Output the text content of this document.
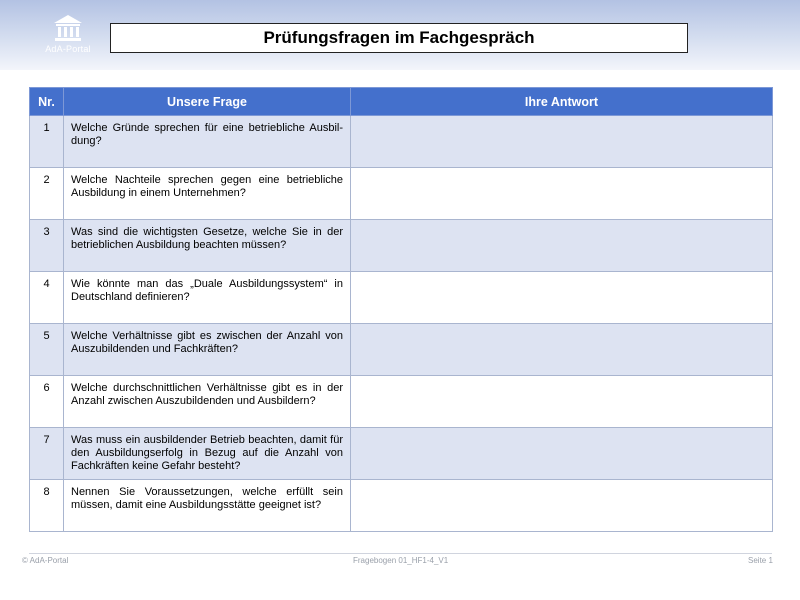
AdA-Portal
Prüfungsfragen im Fachgespräch
Nr.	Unsere Frage	Ihre Antwort
1	Welche Gründe sprechen für eine betriebliche Ausbil-dung?	
2	Welche Nachteile sprechen gegen eine betriebliche Ausbildung in einem Unternehmen?	
3	Was sind die wichtigsten Gesetze, welche Sie in der betrieblichen Ausbildung beachten müssen?	
4	Wie könnte man das „Duale Ausbildungssystem“ in Deutschland definieren?	
5	Welche Verhältnisse gibt es zwischen der Anzahl von Auszubildenden und Fachkräften?	
6	Welche durchschnittlichen Verhältnisse gibt es in der Anzahl zwischen Auszubildenden und Ausbildern?	
7	Was muss ein ausbildender Betrieb beachten, damit für den Ausbildungserfolg in Bezug auf die Anzahl von Fachkräften keine Gefahr besteht?	
8	Nennen Sie Voraussetzungen, welche erfüllt sein müssen, damit eine Ausbildungsstätte geeignet ist?	
© AdA-Portal	Fragebogen 01_HF1-4_V1	Seite 1
